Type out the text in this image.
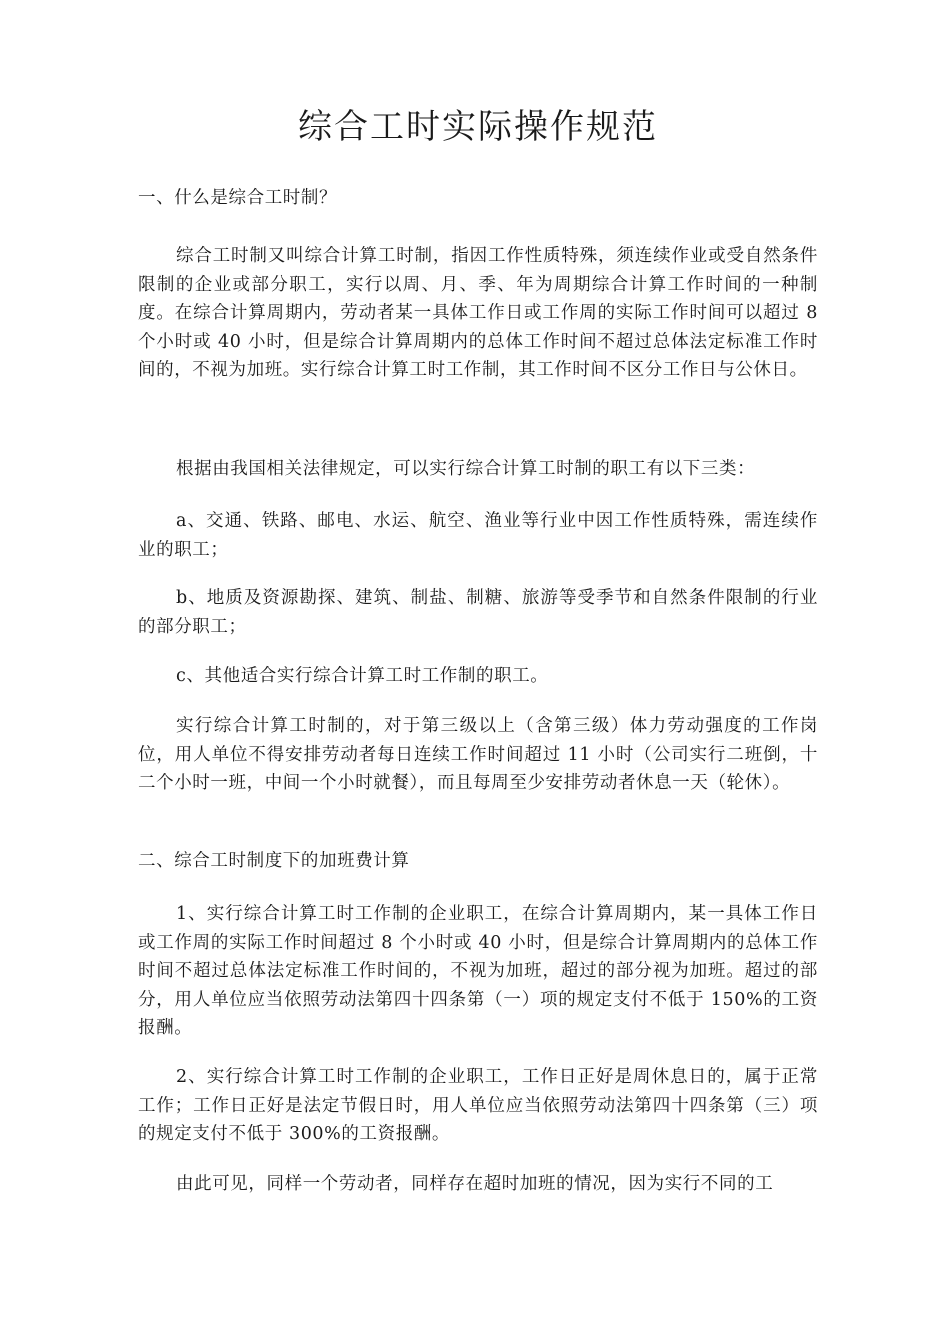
综合工时实际操作规范

一、什么是综合工时制？

综合工时制又叫综合计算工时制，指因工作性质特殊，须连续作业或受自然条件限制的企业或部分职工，实行以周、月、季、年为周期综合计算工作时间的一种制度。在综合计算周期内，劳动者某一具体工作日或工作周的实际工作时间可以超过 8 个小时或 40 小时，但是综合计算周期内的总体工作时间不超过总体法定标准工作时间的，不视为加班。实行综合计算工时工作制，其工作时间不区分工作日与公休日。

根据由我国相关法律规定，可以实行综合计算工时制的职工有以下三类：

a、交通、铁路、邮电、水运、航空、渔业等行业中因工作性质特殊，需连续作业的职工；

b、地质及资源勘探、建筑、制盐、制糖、旅游等受季节和自然条件限制的行业的部分职工；

c、其他适合实行综合计算工时工作制的职工。

实行综合计算工时制的，对于第三级以上（含第三级）体力劳动强度的工作岗位，用人单位不得安排劳动者每日连续工作时间超过 11 小时（公司实行二班倒，十二个小时一班，中间一个小时就餐），而且每周至少安排劳动者休息一天（轮休）。

二、综合工时制度下的加班费计算

1、实行综合计算工时工作制的企业职工，在综合计算周期内，某一具体工作日或工作周的实际工作时间超过 8 个小时或 40 小时，但是综合计算周期内的总体工作时间不超过总体法定标准工作时间的，不视为加班，超过的部分视为加班。超过的部分，用人单位应当依照劳动法第四十四条第（一）项的规定支付不低于 150%的工资报酬。

2、实行综合计算工时工作制的企业职工，工作日正好是周休息日的，属于正常工作；工作日正好是法定节假日时，用人单位应当依照劳动法第四十四条第（三）项的规定支付不低于 300%的工资报酬。

由此可见，同样一个劳动者，同样存在超时加班的情况，因为实行不同的工
